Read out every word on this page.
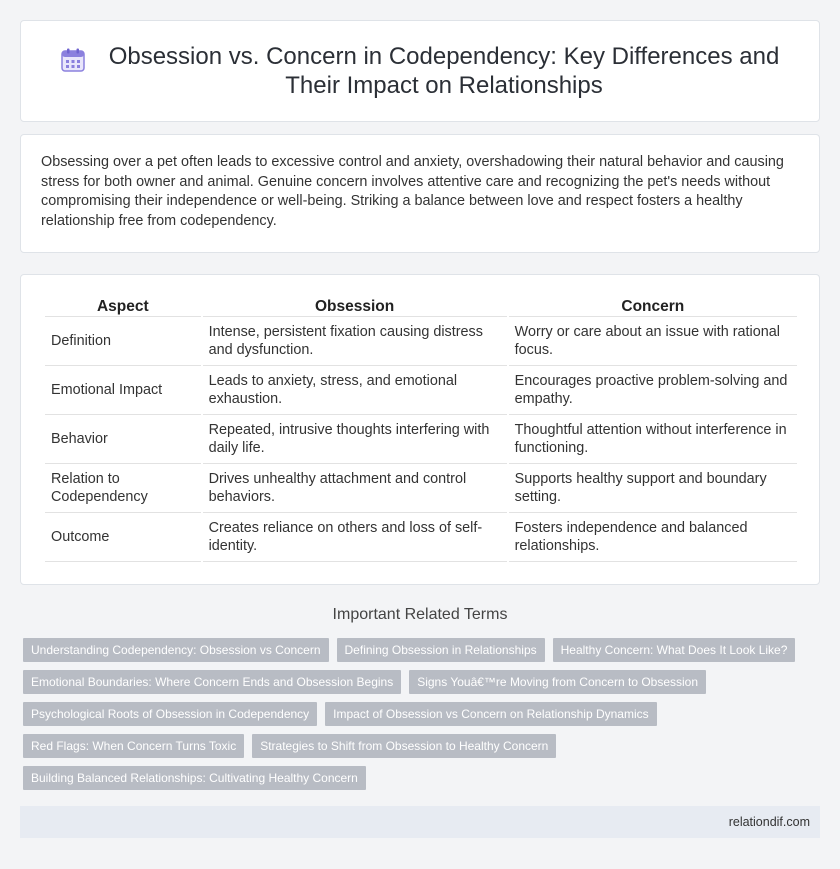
Obsession vs. Concern in Codependency: Key Differences and Their Impact on Relationships

Obsessing over a pet often leads to excessive control and anxiety, overshadowing their natural behavior and causing stress for both owner and animal. Genuine concern involves attentive care and recognizing the pet's needs without compromising their independence or well-being. Striking a balance between love and respect fosters a healthy relationship free from codependency.

Aspect	Obsession	Concern
Definition	Intense, persistent fixation causing distress and dysfunction.	Worry or care about an issue with rational focus.
Emotional Impact	Leads to anxiety, stress, and emotional exhaustion.	Encourages proactive problem-solving and empathy.
Behavior	Repeated, intrusive thoughts interfering with daily life.	Thoughtful attention without interference in functioning.
Relation to Codependency	Drives unhealthy attachment and control behaviors.	Supports healthy support and boundary setting.
Outcome	Creates reliance on others and loss of self-identity.	Fosters independence and balanced relationships.
Important Related Terms
Understanding Codependency: Obsession vs Concern	Defining Obsession in Relationships	Healthy Concern: What Does It Look Like?
Emotional Boundaries: Where Concern Ends and Obsession Begins	Signs Youâ€™re Moving from Concern to Obsession
Psychological Roots of Obsession in Codependency	Impact of Obsession vs Concern on Relationship Dynamics
Red Flags: When Concern Turns Toxic	Strategies to Shift from Obsession to Healthy Concern
Building Balanced Relationships: Cultivating Healthy Concern
relationdif.com
